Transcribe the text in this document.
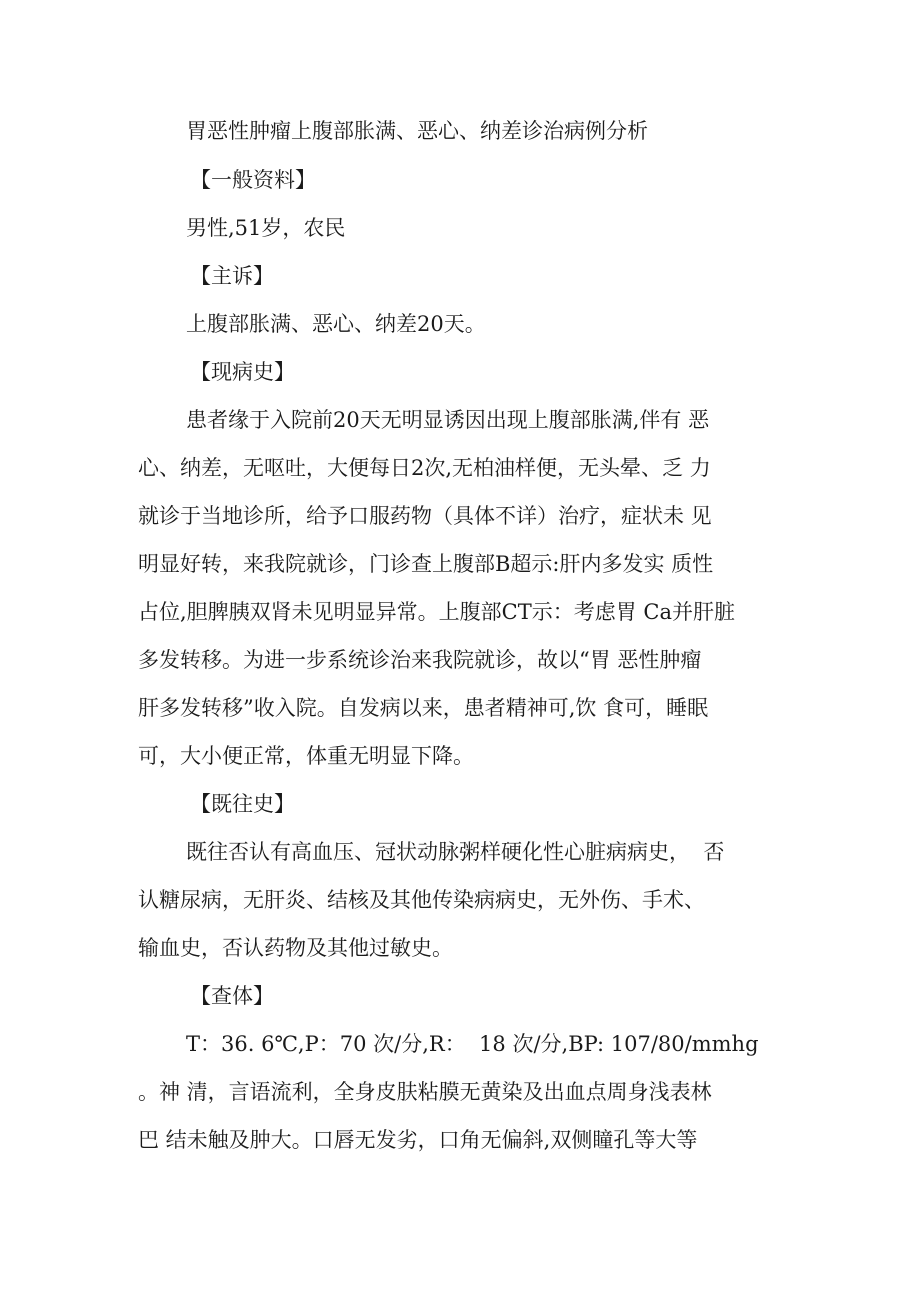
胃恶性肿瘤上腹部胀满、恶心、纳差诊治病例分析
【一般资料】
男性,51岁，农民
【主诉】
上腹部胀满、恶心、纳差20天。
【现病史】
患者缘于入院前20天无明显诱因出现上腹部胀满,伴有 恶
心、纳差，无呕吐，大便每日2次,无柏油样便，无头晕、乏 力
就诊于当地诊所，给予口服药物（具体不详）治疗，症状未 见
明显好转，来我院就诊，门诊查上腹部B超示:肝内多发实 质性
占位,胆脾胰双肾未见明显异常。上腹部CT示：考虑胃 Ca并肝脏
多发转移。为进一步系统诊治来我院就诊，故以“胃 恶性肿瘤
肝多发转移”收入院。自发病以来，患者精神可,饮 食可，睡眠
可，大小便正常，体重无明显下降。
【既往史】
既往否认有高血压、冠状动脉粥样硬化性心脏病病史，  否
认糖尿病，无肝炎、结核及其他传染病病史，无外伤、手术、
输血史，否认药物及其他过敏史。
【查体】
T：36. 6℃,P：70 次/分,R：  18 次/分,BP: 107/80/mmhg
。神 清，言语流利，全身皮肤粘膜无黄染及出血点周身浅表林
巴 结未触及肿大。口唇无发劣，口角无偏斜,双侧瞳孔等大等
